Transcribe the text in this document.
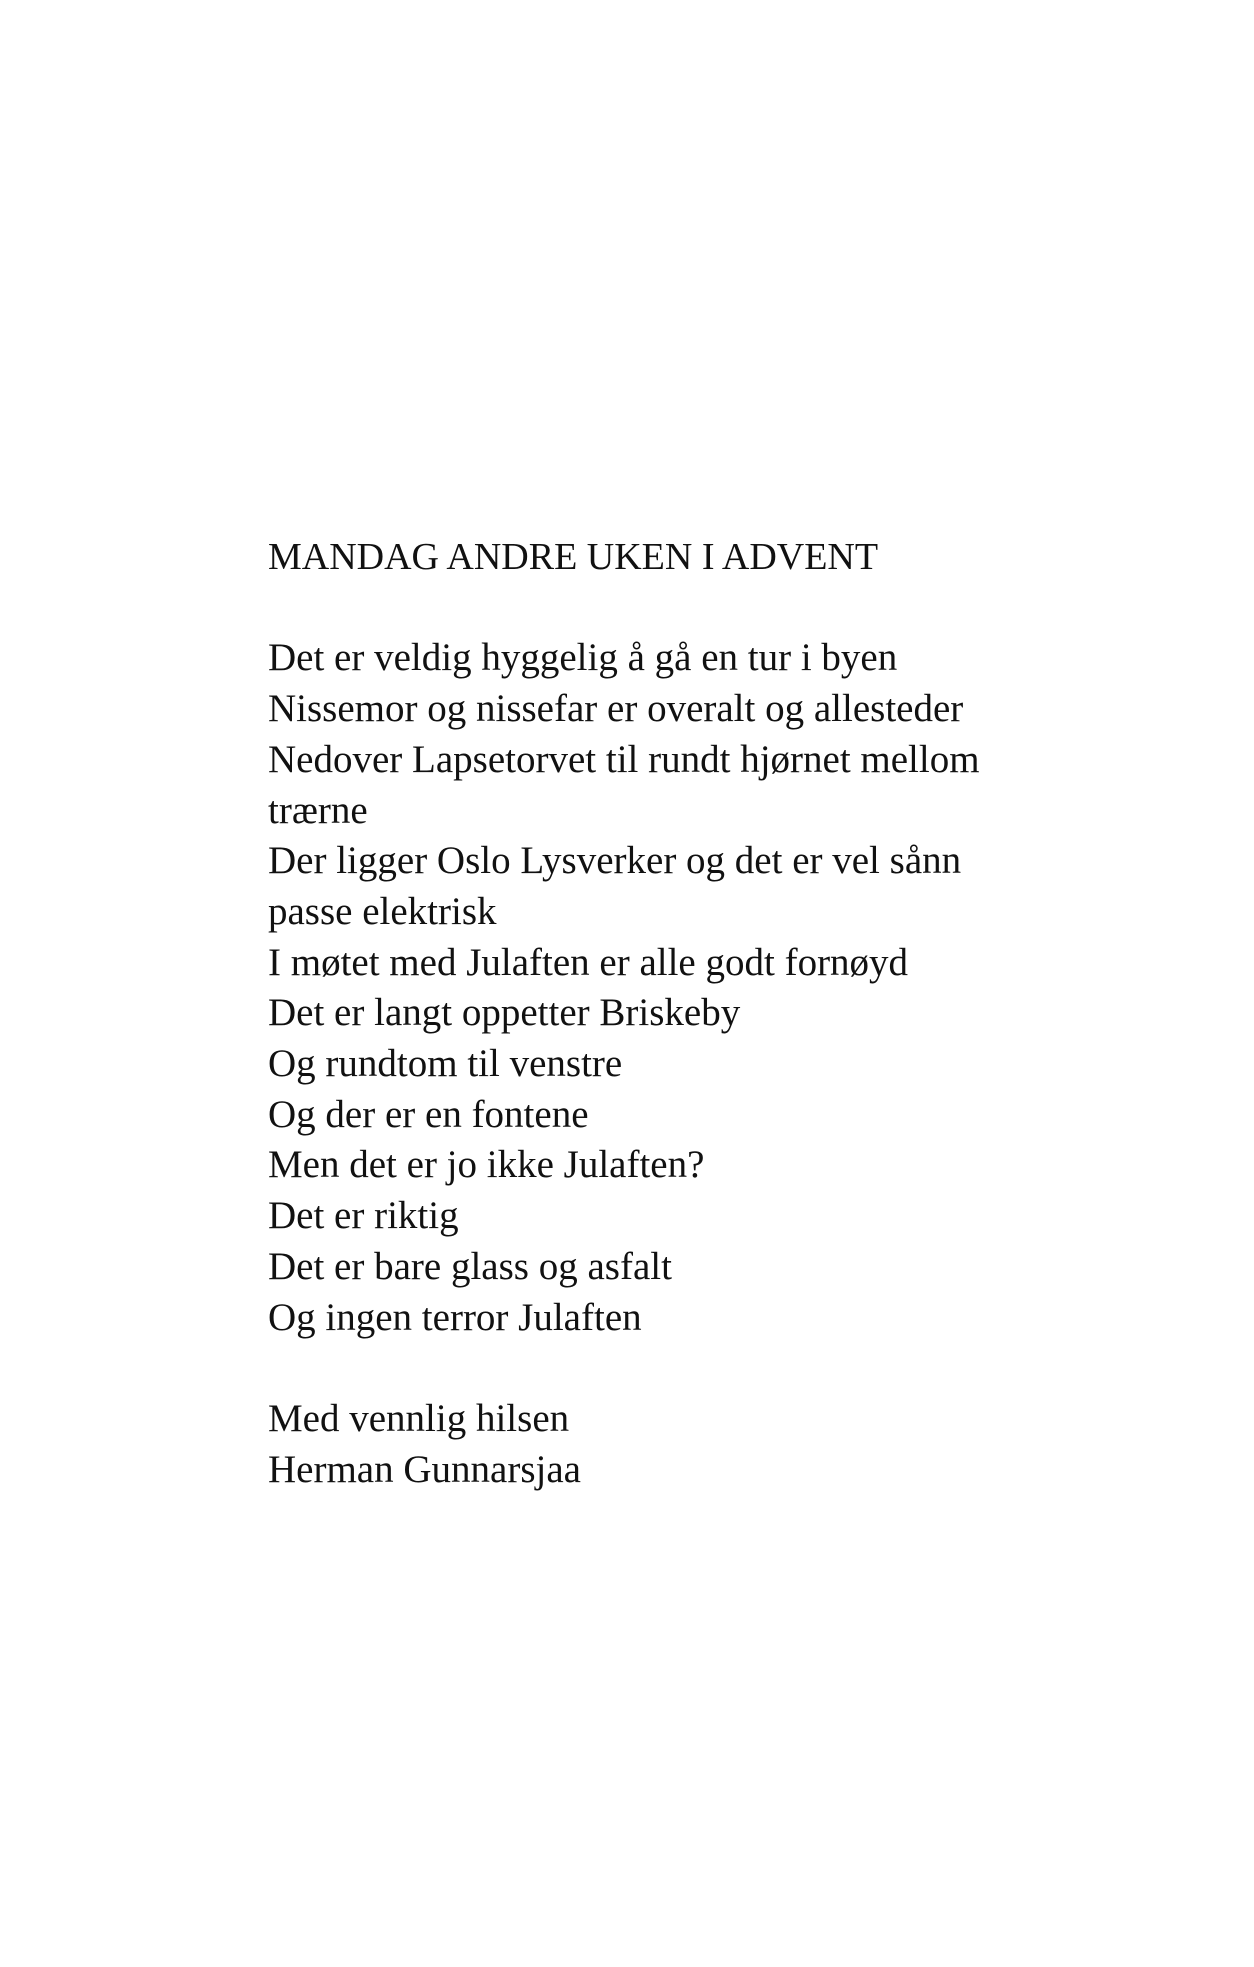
MANDAG ANDRE UKEN I ADVENT
Det er veldig hyggelig å gå en tur i byen
Nissemor og nissefar er overalt og allesteder
Nedover Lapsetorvet til rundt hjørnet mellom
trærne
Der ligger Oslo Lysverker og det er vel sånn
passe elektrisk
I møtet med Julaften er alle godt fornøyd
Det er langt oppetter Briskeby
Og rundtom til venstre
Og der er en fontene
Men det er jo ikke Julaften?
Det er riktig
Det er bare glass og asfalt
Og ingen terror Julaften
Med vennlig hilsen
Herman Gunnarsjaa
